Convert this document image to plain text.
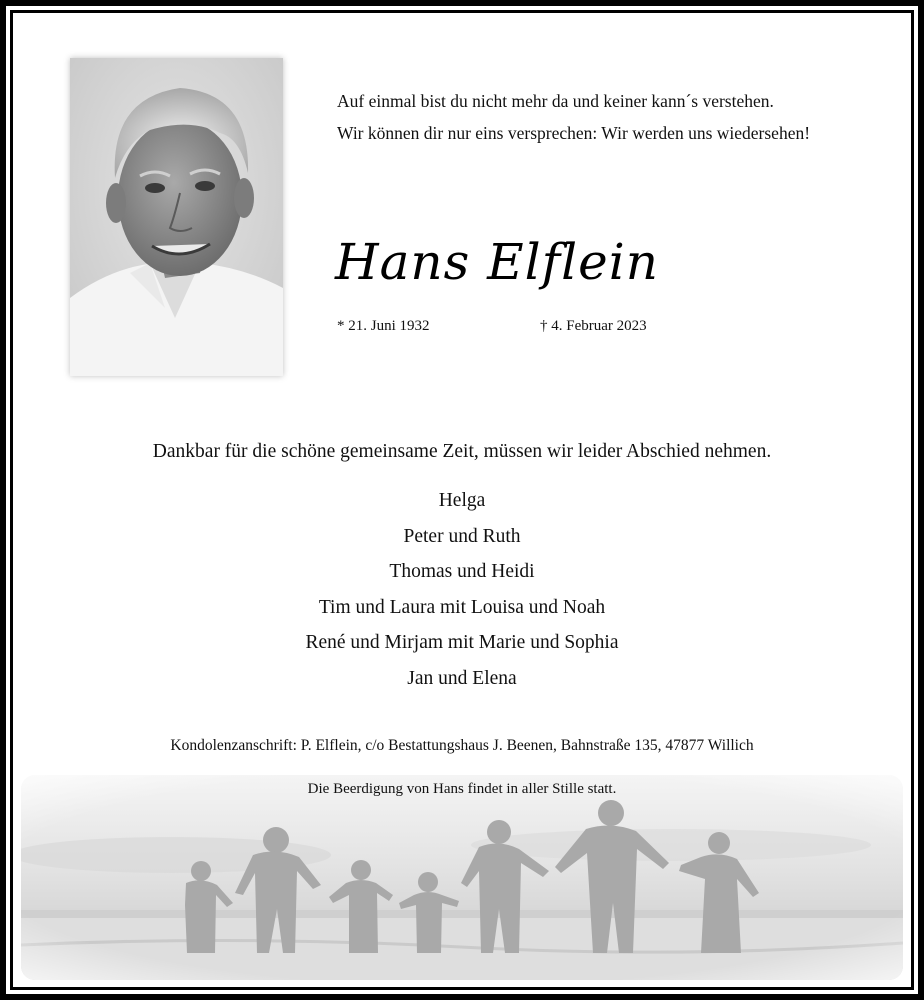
Auf einmal bist du nicht mehr da und keiner kann´s verstehen.
Wir können dir nur eins versprechen: Wir werden uns wiedersehen!
Hans Elflein
* 21. Juni 1932	† 4. Februar 2023
Dankbar für die schöne gemeinsame Zeit, müssen wir leider Abschied nehmen.
Helga
Peter und Ruth
Thomas und Heidi
Tim und Laura mit Louisa und Noah
René und Mirjam mit Marie und Sophia
Jan und Elena
Kondolenzanschrift: P. Elflein, c/o Bestattungshaus J. Beenen, Bahnstraße 135, 47877 Willich
Die Beerdigung von Hans findet in aller Stille statt.
